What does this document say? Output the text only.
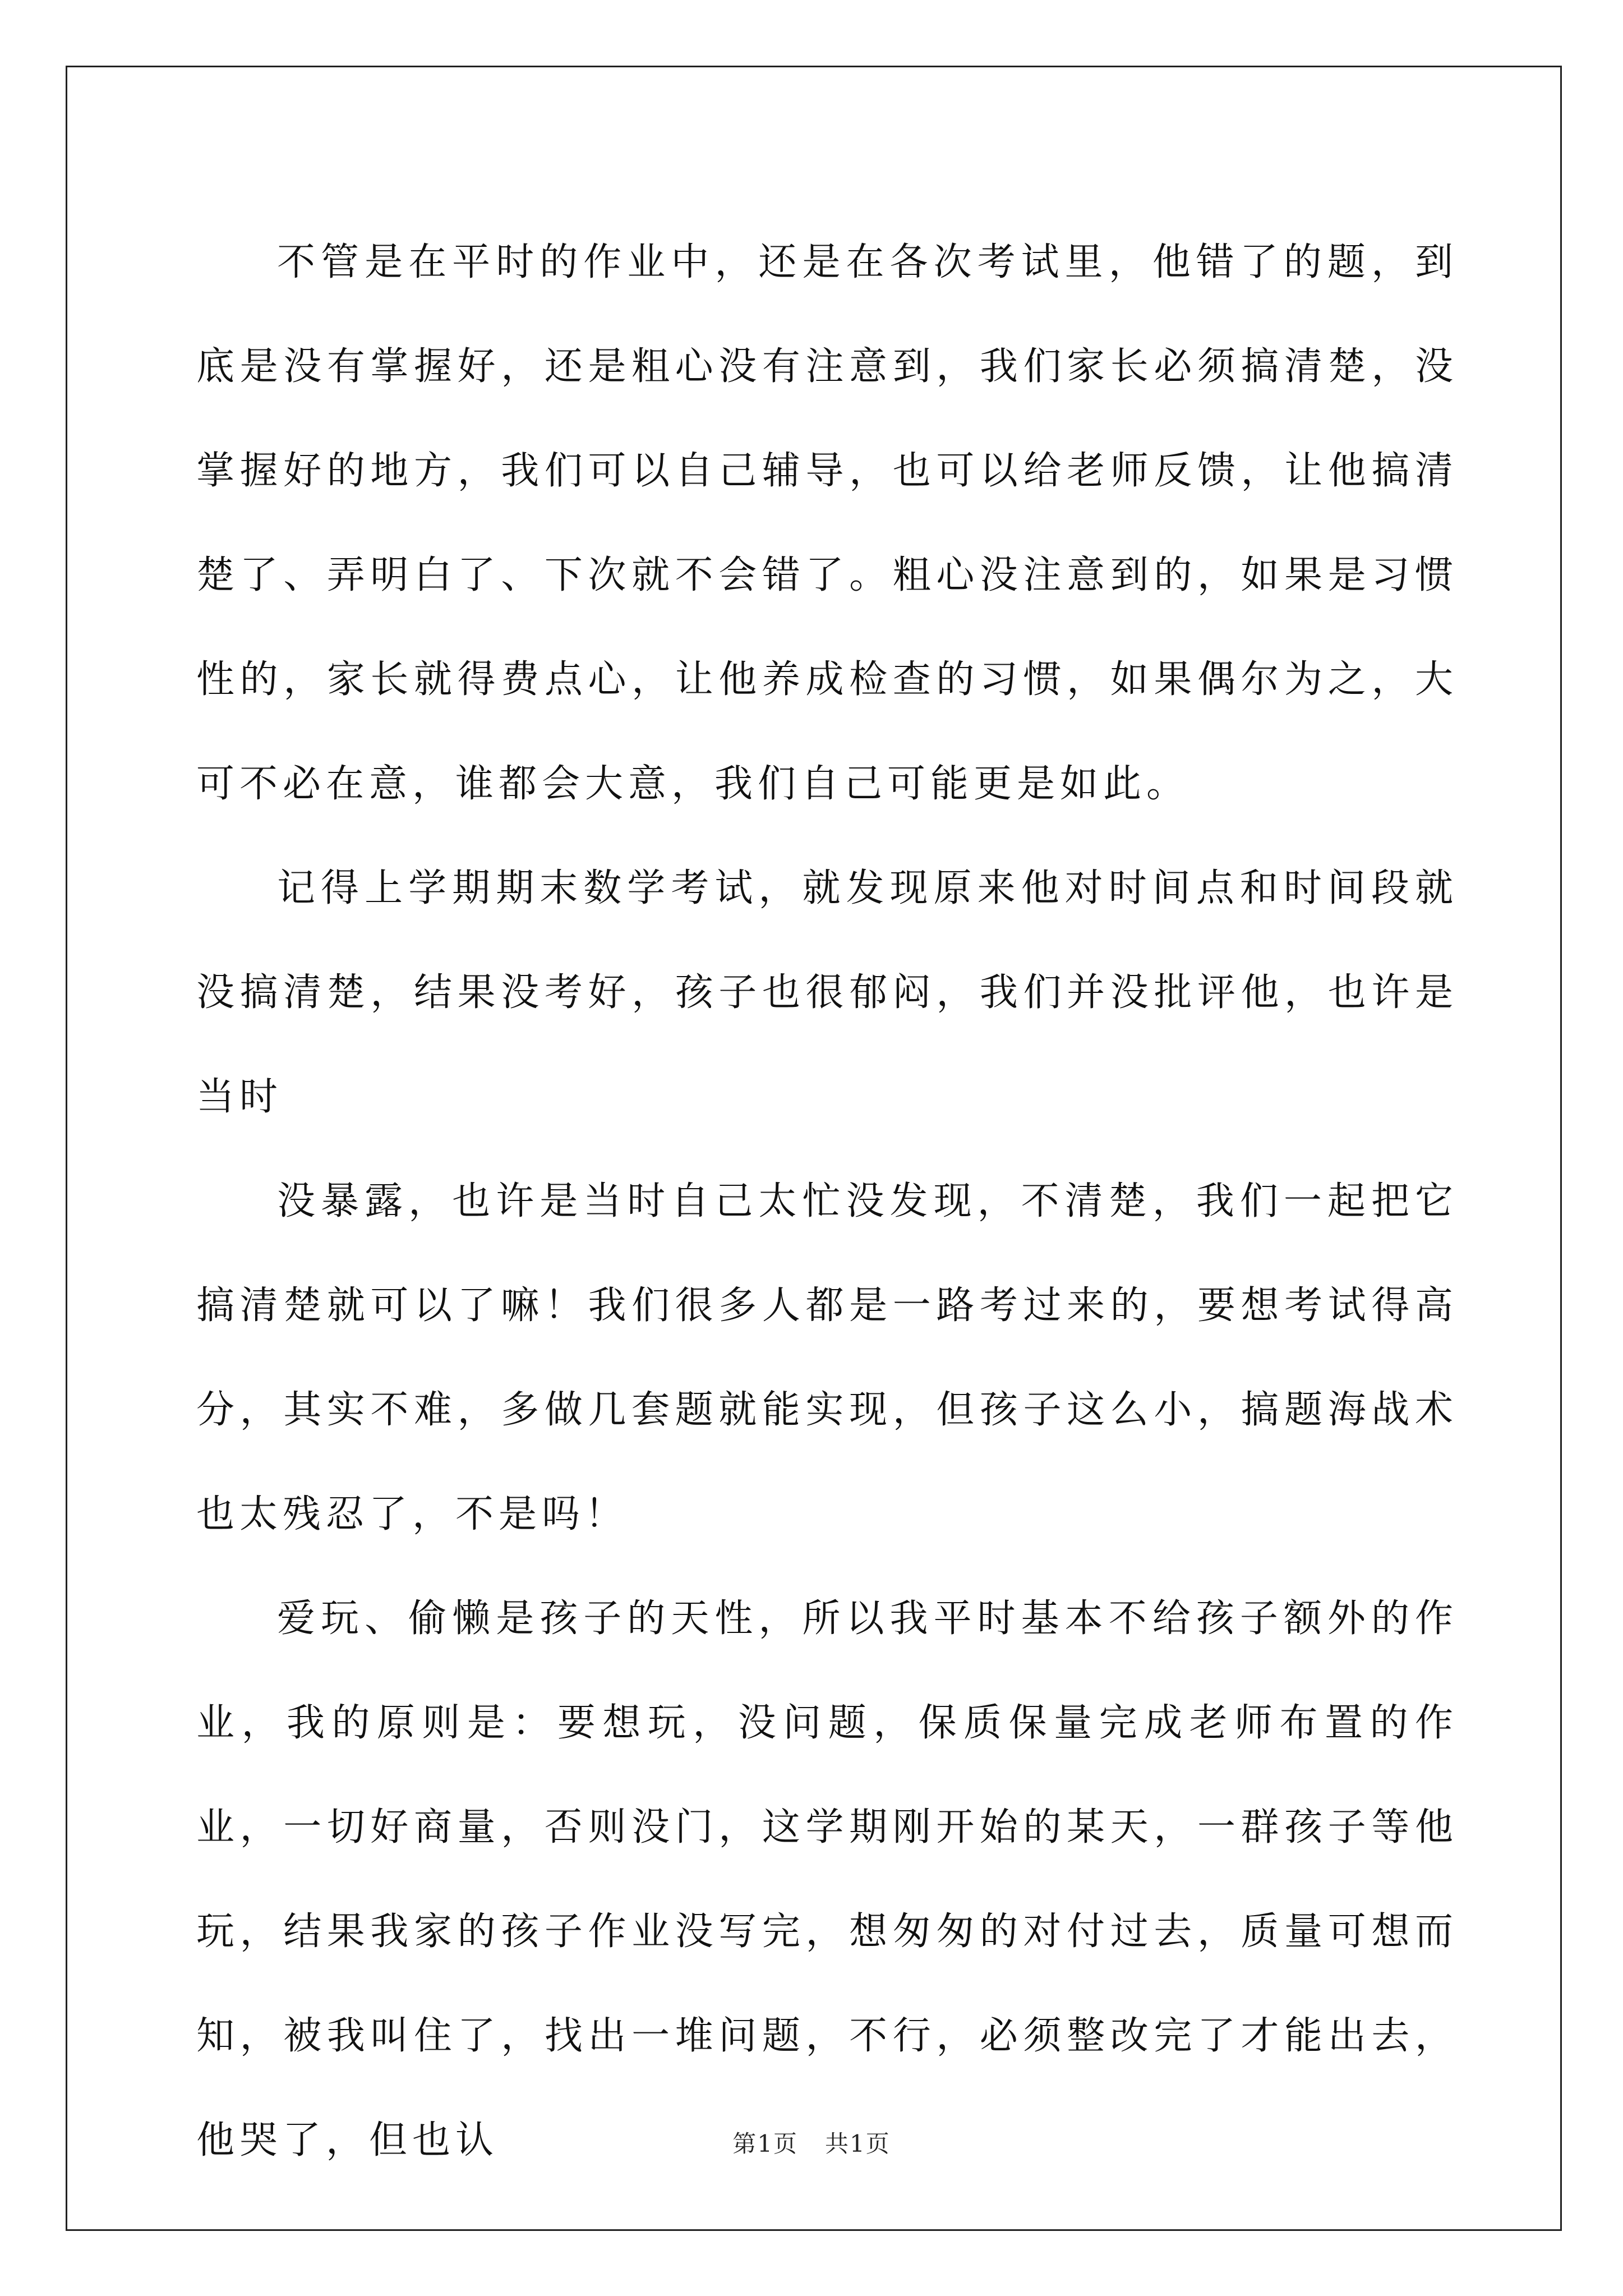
不管是在平时的作业中，还是在各次考试里，他错了的题，到底是没有掌握好，还是粗心没有注意到，我们家长必须搞清楚，没掌握好的地方，我们可以自己辅导，也可以给老师反馈，让他搞清楚了、弄明白了、下次就不会错了。粗心没注意到的，如果是习惯性的，家长就得费点心，让他养成检查的习惯，如果偶尔为之，大可不必在意，谁都会大意，我们自己可能更是如此。

记得上学期期末数学考试，就发现原来他对时间点和时间段就没搞清楚，结果没考好，孩子也很郁闷，我们并没批评他，也许是当时

没暴露，也许是当时自己太忙没发现，不清楚，我们一起把它搞清楚就可以了嘛！我们很多人都是一路考过来的，要想考试得高分，其实不难，多做几套题就能实现，但孩子这么小，搞题海战术也太残忍了，不是吗！

爱玩、偷懒是孩子的天性，所以我平时基本不给孩子额外的作业，我的原则是：要想玩，没问题，保质保量完成老师布置的作业，一切好商量，否则没门，这学期刚开始的某天，一群孩子等他玩，结果我家的孩子作业没写完，想匆匆的对付过去，质量可想而知，被我叫住了，找出一堆问题，不行，必须整改完了才能出去，他哭了，但也认	第1页 共1页
